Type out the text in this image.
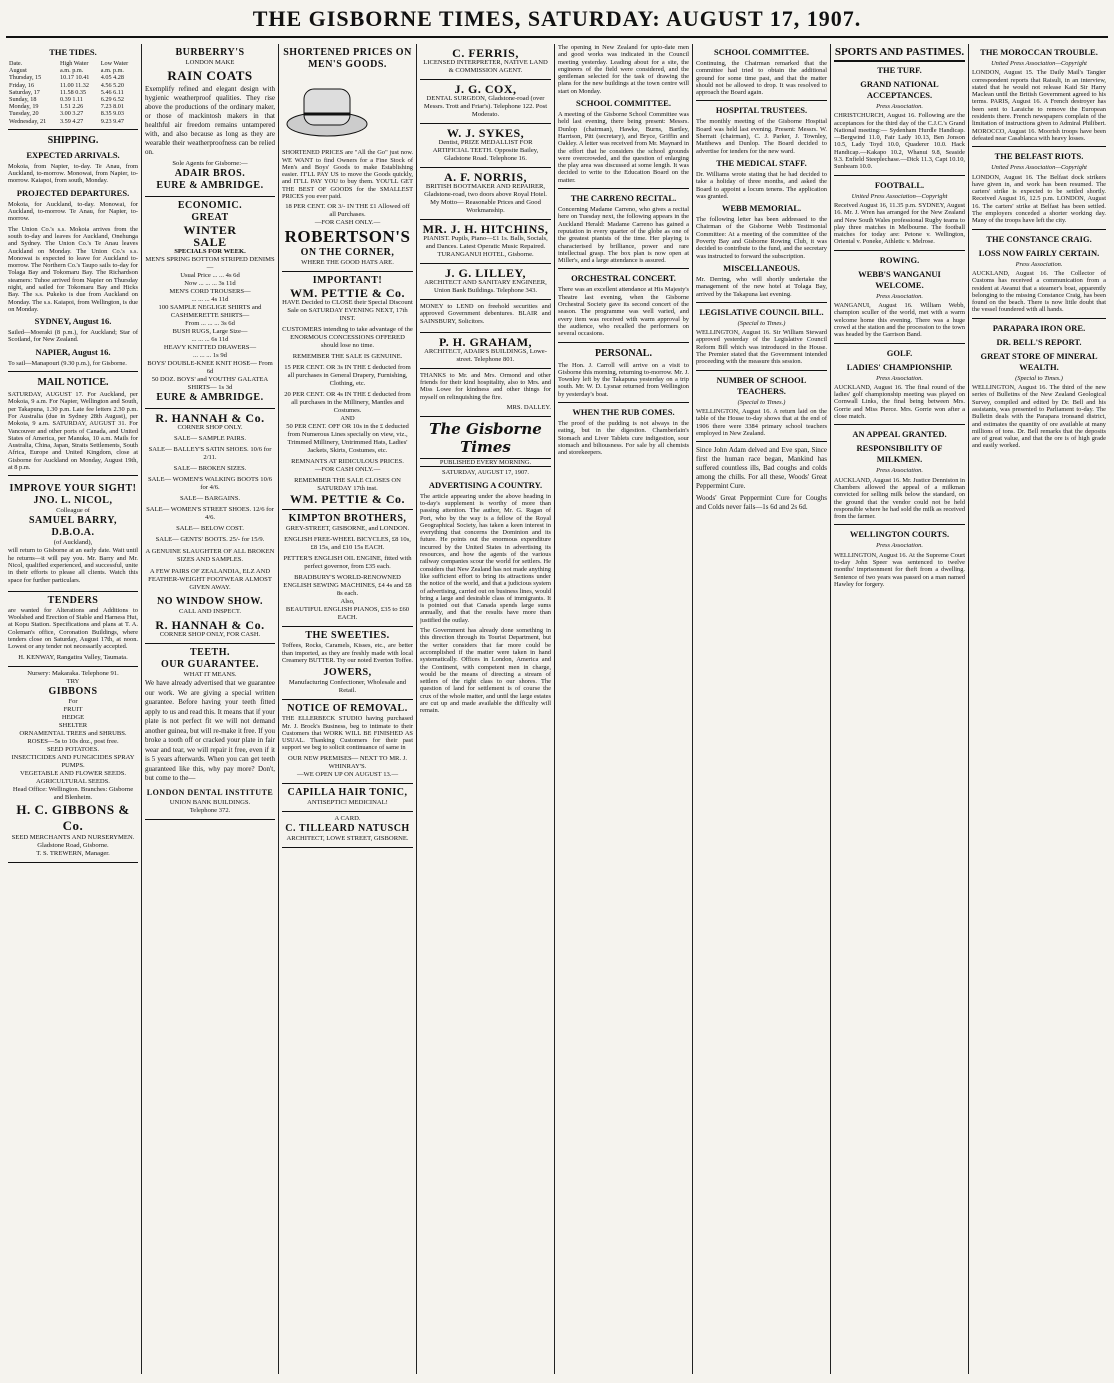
THE GISBORNE TIMES, SATURDAY: AUGUST 17, 1907.
THE TIDES.
Date.	High Water	Low Water
August	a.m. p.m.	a.m. p.m.
Thursday, 15	10.17 10.41	4.05 4.28
Friday, 16	11.00 11.32	4.56 5.20
Saturday, 17	11.58 0.35	5.46 6.11
Sunday, 18	0.39 1.11	6.29 6.52
Monday, 19	1.51 2.26	7.23 8.01
Tuesday, 20	3.00 3.27	8.35 9.03
Wednesday, 21	3.59 4.27	9.23 9.47
SHIPPING.
EXPECTED ARRIVALS.
Mokoia, from Napier, to-day. Te Anau, from Auckland, to-morrow. Monowai, from Napier, to-morrow. Kaiapoi, from south, Monday.
PROJECTED DEPARTURES.
Mokoia, for Auckland, to-day. Monowai, for Auckland, to-morrow. Te Anau, for Napier, to-morrow.
The Union Co.'s s.s. Mokoia arrives from the south to-day and leaves for Auckland, Onehunga and Sydney. The Union Co.'s Te Anau leaves Auckland on Monday. The Union Co.'s s.s. Monowai is expected to leave for Auckland to-morrow. The Northern Co.'s Taupo sails to-day for Tolaga Bay and Tokomaru Bay. The Richardson steamers: Tuhoe arrived from Napier on Thursday night, and sailed for Tokomaru Bay and Hicks Bay. The s.s. Pukeko is due from Auckland on Monday. The s.s. Kaiapoi, from Wellington, is due on Monday.
SYDNEY, August 16.
Sailed—Moeraki (8 p.m.), for Auckland; Star of Scotland, for New Zealand.
NAPIER, August 16.
To sail—Manapouri (9.30 p.m.), for Gisborne.
MAIL NOTICE.
SATURDAY, AUGUST 17. For Auckland, per Mokoia, 9 a.m. For Napier, Wellington and South, per Takapuna, 1.30 p.m. Late fee letters 2.30 p.m. For Australia (due in Sydney 28th August), per Mokoia, 9 a.m. SATURDAY, AUGUST 31. For Vancouver and other ports of Canada, and United States of America, per Manuka, 10 a.m. Mails for Australia, China, Japan, Straits Settlements, South Africa, Europe and United Kingdom, close at Gisborne for Auckland on Monday, August 19th, at 8 p.m.
IMPROVE YOUR SIGHT!
JNO. L. NICOL,
Colleague of
SAMUEL BARRY, D.B.O.A.
(of Auckland),
will return to Gisborne at an early date. Wait until he returns—it will pay you. Mr. Barry and Mr. Nicol, qualified experienced, and successful, unite in their efforts to please all clients. Watch this space for further particulars.
TENDERS
are wanted for Alterations and Additions to Woolshed and Erection of Stable and Harness Hut, at Kopu Station. Specifications and plans at T. A. Coleman's office, Coronation Buildings, where tenders close on Saturday, August 17th, at noon. Lowest or any tender not necessarily accepted.
H. KENWAY, Rangatira Valley, Taumata.
Nursery: Makaraka. Telephone 91.
TRY
GIBBONS
For
FRUIT
HEDGE
SHELTER
ORNAMENTAL TREES and SHRUBS.
ROSES—5s to 10s doz., post free.
SEED POTATOES.
INSECTICIDES AND FUNGICIDES SPRAY PUMPS.
VEGETABLE AND FLOWER SEEDS.
AGRICULTURAL SEEDS.
Head Office: Wellington. Branches: Gisborne and Blenheim.
H. C. GIBBONS & Co.
SEED MERCHANTS AND NURSERYMEN.
Gladstone Road, Gisborne.
T. S. TREWERN, Manager.
BURBERRY'S
LONDON MAKE
RAIN COATS
Exemplify refined and elegant design with hygienic weatherproof qualities. They rise above the productions of the ordinary maker, or those of mackintosh makers in that healthful air freedom remains untampered with, and also because as long as they are wearable their weatherproofness can be relied on.
Sole Agents for Gisborne:—
ADAIR BROS.
EURE & AMBRIDGE.
ECONOMIC.
GREAT
WINTER
SALE
SPECIALS FOR WEEK.
MEN'S SPRING BOTTOM STRIPED DENIMS—
Usual Price ... ... 4s 6d
Now ... ... ... 3s 11d
MEN'S CORD TROUSERS—
... ... ... 4s 11d
100 SAMPLE NEGLIGE SHIRTS and CASHMERETTE SHIRTS—
From ... ... ... 3s 6d
BUSH RUGS, Large Size—
... ... ... 6s 11d
HEAVY KNITTED DRAWERS—
... ... ... 1s 9d
BOYS' DOUBLE-KNEE KNIT HOSE— From 6d
50 DOZ. BOYS' and YOUTHS' GALATEA SHIRTS— 1s 3d
EURE & AMBRIDGE.
R. HANNAH & Co.
CORNER SHOP ONLY.
SALE— SAMPLE PAIRS.
SALE— BALLEY'S SATIN SHOES. 10/6 for 2/11.
SALE— BROKEN SIZES.
SALE— WOMEN'S WALKING BOOTS 10/6 for 4/6.
SALE— BARGAINS.
SALE— WOMEN'S STREET SHOES. 12/6 for 4/6.
SALE— BELOW COST.
SALE— GENTS' BOOTS. 25/- for 15/9.
A GENUINE SLAUGHTER OF ALL BROKEN SIZES AND SAMPLES.
A FEW PAIRS OF ZEALANDIA, ELZ AND FEATHER-WEIGHT FOOTWEAR ALMOST GIVEN AWAY.
NO WINDOW SHOW.
CALL AND INSPECT.
R. HANNAH & Co.
CORNER SHOP ONLY, FOR CASH.
TEETH.
OUR GUARANTEE.
WHAT IT MEANS.
We have already advertised that we guarantee our work. We are giving a special written guarantee. Before having your teeth fitted apply to us and read this. It means that if your plate is not perfect fit we will not demand another guinea, but will re-make it free. If you broke a tooth off or cracked your plate in fair wear and tear, we will repair it free, even if it is 5 years afterwards. When you can get teeth guaranteed like this, why pay more? Don't, but come to the—
LONDON DENTAL INSTITUTE
UNION BANK BUILDINGS.
Telephone 372.
SHORTENED PRICES ON MEN'S GOODS.
SHORTENED PRICES are "All the Go" just now. WE WANT to find Owners for a Fine Stock of Men's and Boys' Goods to make Establishing easier. IT'LL PAY US to move the Goods quickly, and IT'LL PAY YOU to buy them. YOU'LL GET THE BEST OF GOODS for the SMALLEST PRICES you ever paid.
18 PER CENT. OR 3/- IN THE £1 Allowed off all Purchases.
—FOR CASH ONLY.—
ROBERTSON'S
ON THE CORNER,
WHERE THE GOOD HATS ARE.
IMPORTANT!
WM. PETTIE & Co.
HAVE Decided to CLOSE their Special Discount Sale on SATURDAY EVENING NEXT, 17th INST.
CUSTOMERS intending to take advantage of the ENORMOUS CONCESSIONS OFFERED should lose no time.
REMEMBER THE SALE IS GENUINE.
15 PER CENT. OR 3s IN THE £ deducted from all purchases in General Drapery, Furnishing, Clothing, etc.
20 PER CENT. OR 4s IN THE £ deducted from all purchases in the Millinery, Mantles and Costumes.
AND
50 PER CENT. OFF OR 10s in the £ deducted from Numerous Lines specially on view, viz., Trimmed Millinery, Untrimmed Hats, Ladies' Jackets, Skirts, Costumes, etc.
REMNANTS AT RIDICULOUS PRICES.
—FOR CASH ONLY.—
REMEMBER THE SALE CLOSES ON SATURDAY 17th inst.
WM. PETTIE & Co.
KIMPTON BROTHERS,
GREY-STREET, GISBORNE, and LONDON.
ENGLISH FREE-WHEEL BICYCLES, £8 10s, £8 15s, and £10 15s EACH.
PETTER'S ENGLISH OIL ENGINE, fitted with perfect governor, from £35 each.
BRADBURY'S WORLD-RENOWNED ENGLISH SEWING MACHINES, £4 4s and £8 8s each.
Also,
BEAUTIFUL ENGLISH PIANOS, £35 to £60 EACH.
THE SWEETIES.
Toffees, Rocks, Caramels, Kisses, etc., are better than imported, as they are freshly made with local Creamery BUTTER. Try our noted Everton Toffee.
JOWERS,
Manufacturing Confectioner, Wholesale and Retail.
NOTICE OF REMOVAL.
THE ELLERBECK STUDIO having purchased Mr. J. Brock's Business, beg to intimate to their Customers that WORK WILL BE FINISHED AS USUAL. Thanking Customers for their past support we beg to solicit continuance of same in
OUR NEW PREMISES— NEXT TO MR. J. WHINRAY'S.
—WE OPEN UP ON AUGUST 13.—
CAPILLA HAIR TONIC,
ANTISEPTIC! MEDICINAL!
A CARD.
C. TILLEARD NATUSCH
ARCHITECT, LOWE STREET, GISBORNE.
C. FERRIS,
LICENSED INTERPRETER, NATIVE LAND & COMMISSION AGENT.
J. G. COX,
DENTAL SURGEON, Gladstone-road (over Messrs. Trott and Friar's). Telephone 122. Post Moderato.
W. J. SYKES,
Dentist, PRIZE MEDALLIST FOR ARTIFICIAL TEETH. Opposite Bailey, Gladstone Road. Telephone 16.
A. F. NORRIS,
BRITISH BOOTMAKER AND REPAIRER, Gladstone-road, two doors above Royal Hotel. My Motto— Reasonable Prices and Good Workmanship.
MR. J. H. HITCHINS,
PIANIST. Pupils, Piano—£1 1s. Balls, Socials, and Dances. Latest Operatic Music Repaired. TURANGANUI HOTEL, Gisborne.
J. G. LILLEY,
ARCHITECT AND SANITARY ENGINEER, Union Bank Buildings. Telephone 343.
MONEY to LEND on freehold securities and approved Government debentures. BLAIR and SAINSBURY, Solicitors.
P. H. GRAHAM,
ARCHITECT, ADAIR'S BUILDINGS, Lowe-street. Telephone 801.
THANKS to Mr. and Mrs. Ormond and other friends for their kind hospitality, also to Mrs. and Miss Lowe for kindness and other things for myself on relinquishing the fire.
MRS. DALLEY.
The Gisborne Times
PUBLISHED EVERY MORNING.
SATURDAY, AUGUST 17, 1907.
ADVERTISING A COUNTRY.
The article appearing under the above heading in to-day's supplement is worthy of more than passing attention. The author, Mr. G. Ragan of Port, who by the way is a fellow of the Royal Geographical Society, has taken a keen interest in everything that concerns the Dominion and its future. He points out the enormous expenditure incurred by the United States in advertising its resources, and how the agents of the various railway companies scour the world for settlers. He considers that New Zealand has not made anything like sufficient effort to bring its attractions under the notice of the world, and that a judicious system of advertising, carried out on business lines, would bring a large and desirable class of immigrants. It is pointed out that Canada spends large sums annually, and that the results have more than justified the outlay.
The Government has already done something in this direction through its Tourist Department, but the writer considers that far more could be accomplished if the matter were taken in hand systematically. Offices in London, America and the Continent, with competent men in charge, would be the means of directing a stream of settlers of the right class to our shores. The question of land for settlement is of course the crux of the whole matter, and until the large estates are cut up and made available the difficulty will remain.
The opening in New Zealand for upto-date men and good works was indicated in the Council meeting yesterday. Leading about for a site, the engineers of the field were considered, and the gentleman selected for the task of drawing the plans for the new buildings at the town centre will start on Monday.
SCHOOL COMMITTEE.
A meeting of the Gisborne School Committee was held last evening, there being present: Messrs. Dunlop (chairman), Hawke, Burns, Bartley, Harrison, Pitt (secretary), and Bryce, Griffin and Oakley. A letter was received from Mr. Maynard in the effort that he considers the school grounds were overcrowded, and the question of enlarging the play area was discussed at some length. It was decided to write to the Education Board on the matter.
THE CARRENO RECITAL.
Concerning Madame Carreno, who gives a recital here on Tuesday next, the following appears in the Auckland Herald: Madame Carreno has gained a reputation in every quarter of the globe as one of the greatest pianists of the time. Her playing is characterised by brilliance, power and rare intellectual grasp. The box plan is now open at Miller's, and a large attendance is assured.
ORCHESTRAL CONCERT.
There was an excellent attendance at His Majesty's Theatre last evening, when the Gisborne Orchestral Society gave its second concert of the season. The programme was well varied, and every item was received with warm approval by the audience, who recalled the performers on several occasions.
PERSONAL.
The Hon. J. Carroll will arrive on a visit to Gisborne this morning, returning to-morrow. Mr. J. Townley left by the Takapuna yesterday on a trip south. Mr. W. D. Lysnar returned from Wellington by yesterday's boat.
WHEN THE RUB COMES.
The proof of the pudding is not always in the eating, but in the digestion. Chamberlain's Stomach and Liver Tablets cure indigestion, sour stomach and biliousness. For sale by all chemists and storekeepers.
SCHOOL COMMITTEE.
Continuing, the Chairman remarked that the committee had tried to obtain the additional ground for some time past, and that the matter should not be allowed to drop. It was resolved to approach the Board again.
HOSPITAL TRUSTEES.
The monthly meeting of the Gisborne Hospital Board was held last evening. Present: Messrs. W. Sherratt (chairman), C. J. Parker, J. Townley, Matthews and Dunlop. The Board decided to advertise for tenders for the new ward.
THE MEDICAL STAFF.
Dr. Williams wrote stating that he had decided to take a holiday of three months, and asked the Board to appoint a locum tenens. The application was granted.
WEBB MEMORIAL.
The following letter has been addressed to the Chairman of the Gisborne Webb Testimonial Committee: At a meeting of the committee of the Poverty Bay and Gisborne Rowing Club, it was decided to contribute to the fund, and the secretary was instructed to forward the subscription.
MISCELLANEOUS.
Mr. Derring, who will shortly undertake the management of the new hotel at Tolaga Bay, arrived by the Takapuna last evening.
LEGISLATIVE COUNCIL BILL.
(Special to Times.)
WELLINGTON, August 16. Sir William Steward approved yesterday of the Legislative Council Reform Bill which was introduced in the House. The Premier stated that the Government intended proceeding with the measure this session.
NUMBER OF SCHOOL TEACHERS.
(Special to Times.)
WELLINGTON, August 16. A return laid on the table of the House to-day shows that at the end of 1906 there were 3384 primary school teachers employed in New Zealand.
Since John Adam delved and Eve span, Since first the human race began, Mankind has suffered countless ills, Bad coughs and colds among the chills. For all these, Woods' Great Peppermint Cure.
Woods' Great Peppermint Cure for Coughs and Colds never fails—1s 6d and 2s 6d.
SPORTS AND PASTIMES.
THE TURF.
GRAND NATIONAL ACCEPTANCES.
Press Association.
CHRISTCHURCH, August 16. Following are the acceptances for the third day of the C.J.C.'s Grand National meeting:— Sydenham Hurdle Handicap.—Bergwind 11.0, Fair Lady 10.13, Ben Jonson 10.5, Lady Toyd 10.0, Quaderer 10.0. Hack Handicap.—Kakapo 10.2, Whanui 9.8, Seaside 9.3. Enfield Steeplechase.—Dick 11.3, Capt 10.10, Sunbeam 10.0.
FOOTBALL.
United Press Association—Copyright
Received August 16, 11.35 p.m. SYDNEY, August 16. Mr. J. Wren has arranged for the New Zealand and New South Wales professional Rugby teams to play three matches in Melbourne. The football matches for today are: Petone v. Wellington, Oriental v. Poneke, Athletic v. Melrose.
ROWING.
WEBB'S WANGANUI WELCOME.
Press Association.
WANGANUI, August 16. William Webb, champion sculler of the world, met with a warm welcome home this evening. There was a huge crowd at the station and the procession to the town was headed by the Garrison Band.
GOLF.
LADIES' CHAMPIONSHIP.
Press Association.
AUCKLAND, August 16. The final round of the ladies' golf championship meeting was played on Cornwall Links, the final being between Mrs. Gorrie and Miss Pierce. Mrs. Gorrie won after a close match.
AN APPEAL GRANTED.
RESPONSIBILITY OF MILKMEN.
Press Association.
AUCKLAND, August 16. Mr. Justice Denniston in Chambers allowed the appeal of a milkman convicted for selling milk below the standard, on the ground that the vendor could not be held responsible where he had sold the milk as received from the farmer.
WELLINGTON COURTS.
Press Association.
WELLINGTON, August 16. At the Supreme Court to-day John Speer was sentenced to twelve months' imprisonment for theft from a dwelling. Sentence of two years was passed on a man named Hawley for forgery.
THE MOROCCAN TROUBLE.
United Press Association—Copyright
LONDON, August 15. The Daily Mail's Tangier correspondent reports that Raisuli, in an interview, stated that he would not release Kaid Sir Harry Maclean until the British Government agreed to his terms. PARIS, August 16. A French destroyer has been sent to Laraiche to remove the European residents there. French newspapers complain of the limitation of instructions given to Admiral Philibert. MOROCCO, August 16. Moorish troops have been defeated near Casablanca with heavy losses.
THE BELFAST RIOTS.
United Press Association—Copyright
LONDON, August 16. The Belfast dock strikers have given in, and work has been resumed. The carters' strike is expected to be settled shortly. Received August 16, 12.5 p.m. LONDON, August 16. The carters' strike at Belfast has been settled. The employers conceded a shorter working day. Many of the troops have left the city.
THE CONSTANCE CRAIG.
LOSS NOW FAIRLY CERTAIN.
Press Association.
AUCKLAND, August 16. The Collector of Customs has received a communication from a resident at Awanui that a steamer's boat, apparently belonging to the missing Constance Craig, has been found on the beach. There is now little doubt that the vessel foundered with all hands.
PARAPARA IRON ORE.
DR. BELL'S REPORT.
GREAT STORE OF MINERAL WEALTH.
(Special to Times.)
WELLINGTON, August 16. The third of the new series of Bulletins of the New Zealand Geological Survey, compiled and edited by Dr. Bell and his assistants, was presented to Parliament to-day. The Bulletin deals with the Parapara ironsand district, and estimates the quantity of ore available at many millions of tons. Dr. Bell remarks that the deposits are of great value, and that the ore is of high grade and easily worked.
